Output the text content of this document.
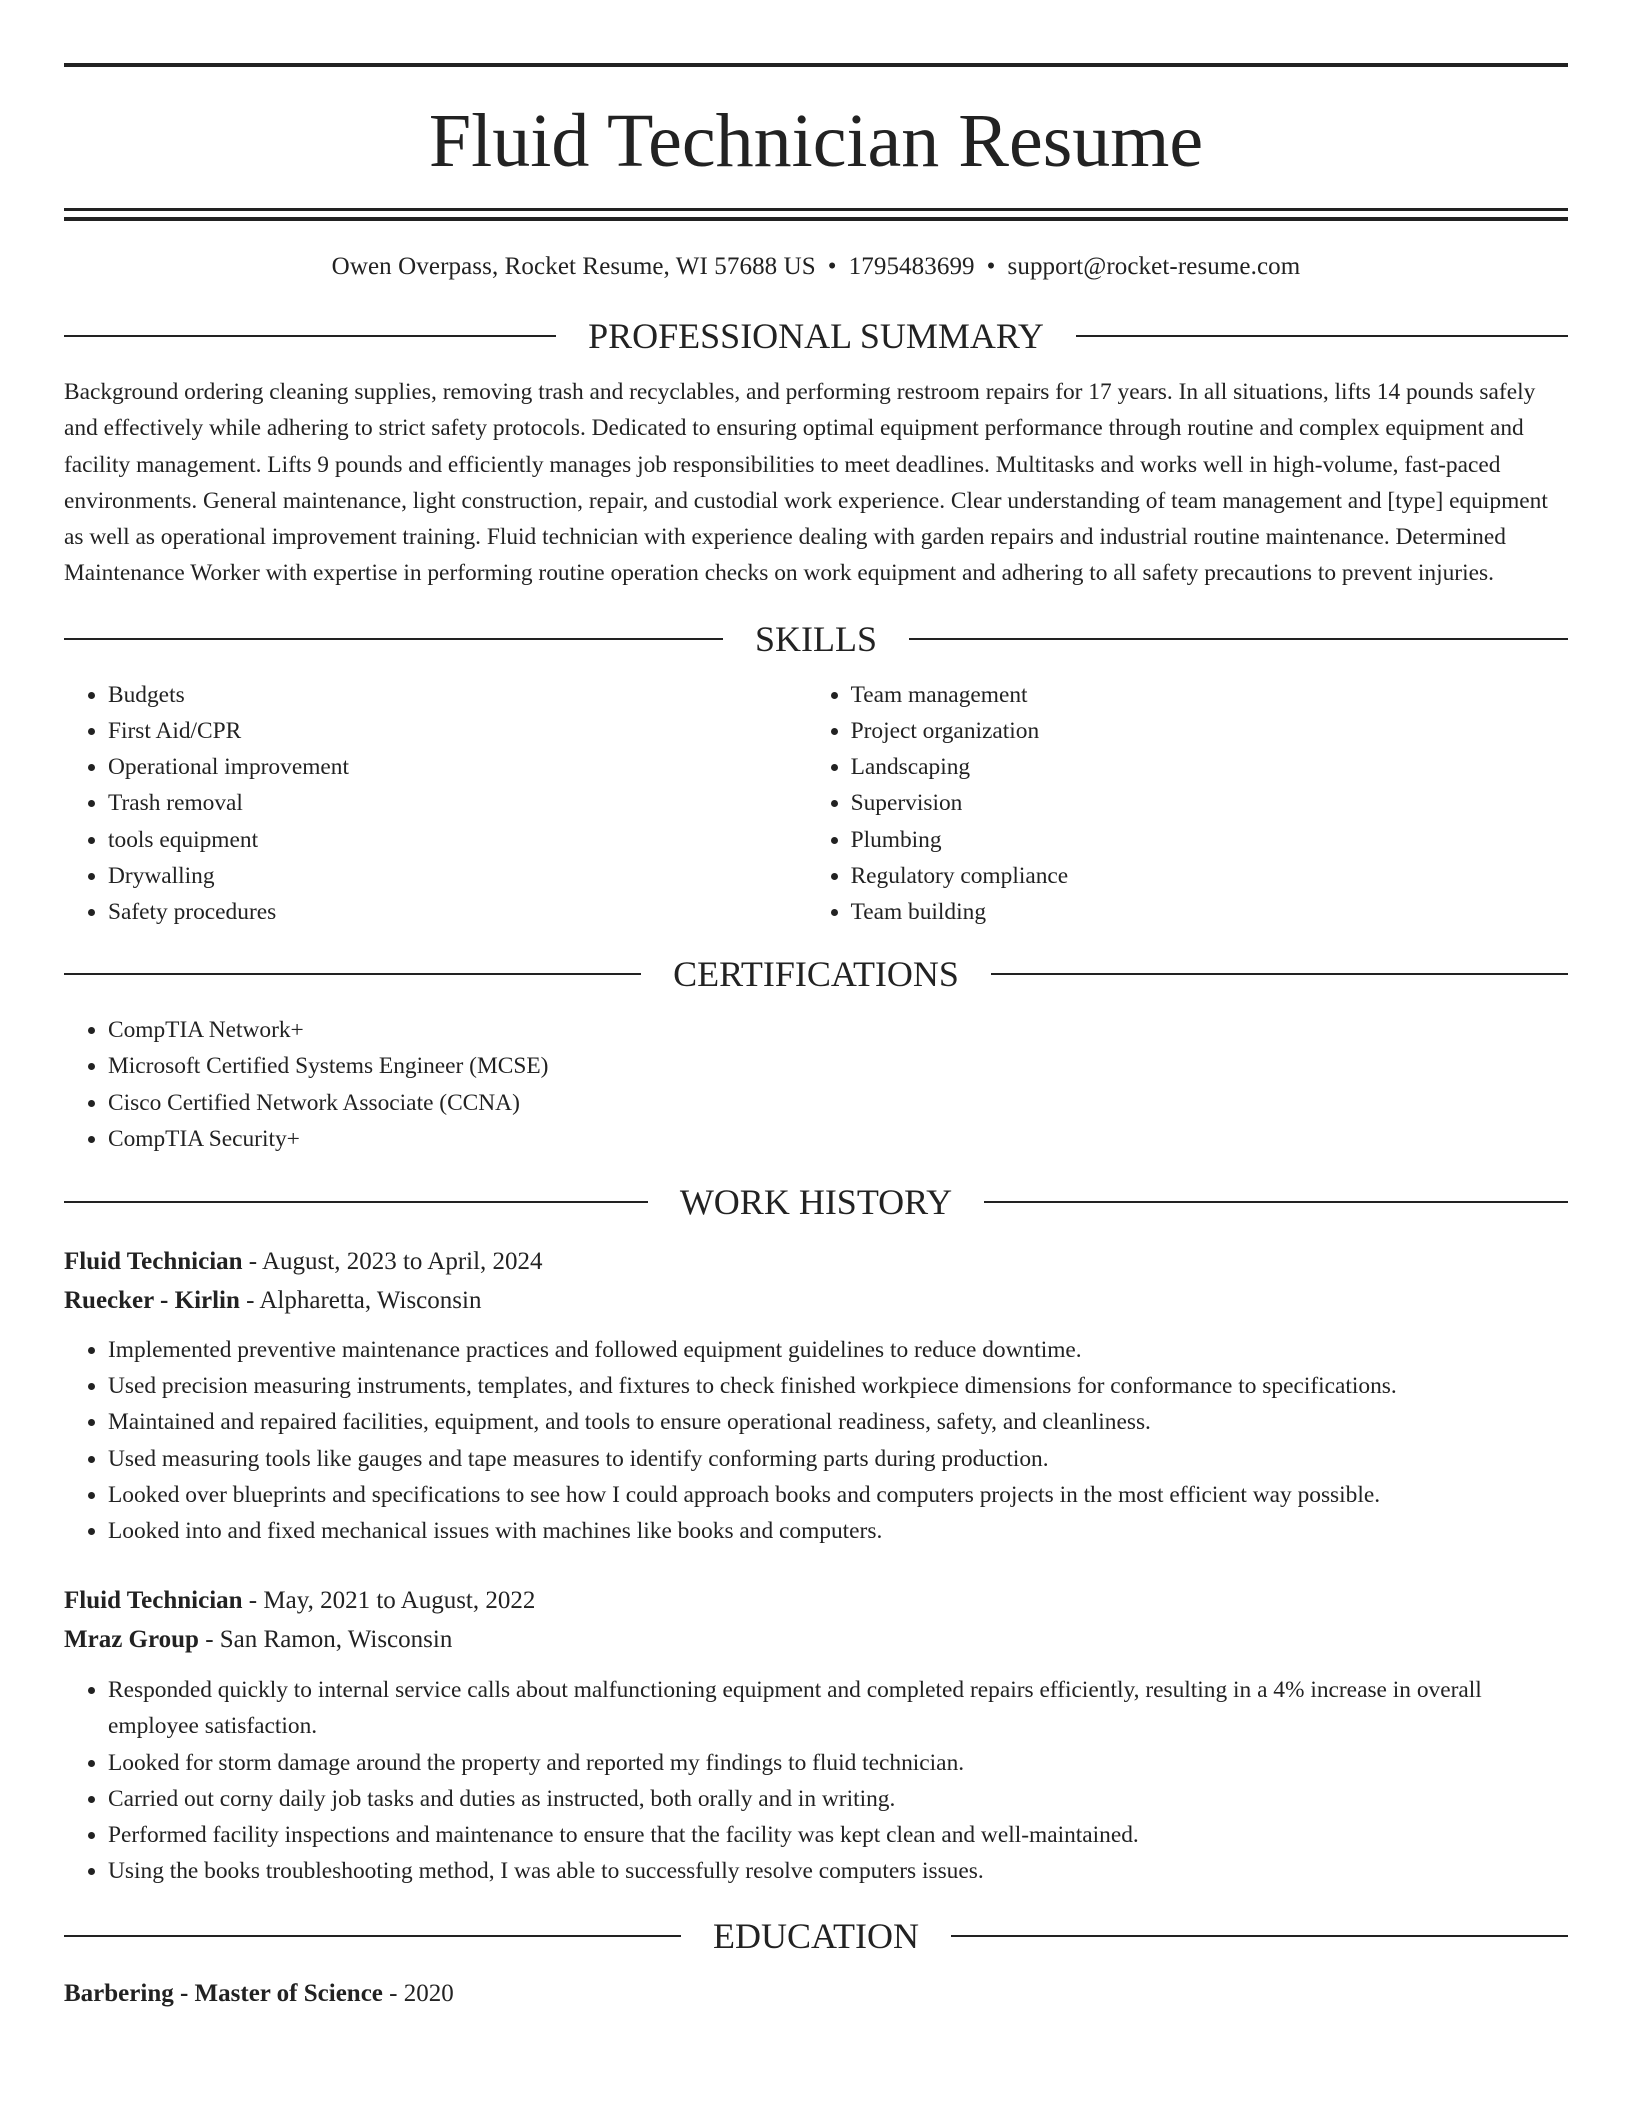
Fluid Technician Resume
Owen Overpass, Rocket Resume, WI 57688 US • 1795483699 • support@rocket-resume.com
PROFESSIONAL SUMMARY

Background ordering cleaning supplies, removing trash and recyclables, and performing restroom repairs for 17 years. In all situations, lifts 14 pounds safely and effectively while adhering to strict safety protocols. Dedicated to ensuring optimal equipment performance through routine and complex equipment and facility management. Lifts 9 pounds and efficiently manages job responsibilities to meet deadlines. Multitasks and works well in high-volume, fast-paced environments. General maintenance, light construction, repair, and custodial work experience. Clear understanding of team management and [type] equipment as well as operational improvement training. Fluid technician with experience dealing with garden repairs and industrial routine maintenance. Determined Maintenance Worker with expertise in performing routine operation checks on work equipment and adhering to all safety precautions to prevent injuries.

SKILLS
• Budgets
• First Aid/CPR
• Operational improvement
• Trash removal
• tools equipment
• Drywalling
• Safety procedures
• Team management
• Project organization
• Landscaping
• Supervision
• Plumbing
• Regulatory compliance
• Team building
CERTIFICATIONS
• CompTIA Network+
• Microsoft Certified Systems Engineer (MCSE)
• Cisco Certified Network Associate (CCNA)
• CompTIA Security+
WORK HISTORY
Fluid Technician - August, 2023 to April, 2024
Ruecker - Kirlin - Alpharetta, Wisconsin
• Implemented preventive maintenance practices and followed equipment guidelines to reduce downtime.
• Used precision measuring instruments, templates, and fixtures to check finished workpiece dimensions for conformance to specifications.
• Maintained and repaired facilities, equipment, and tools to ensure operational readiness, safety, and cleanliness.
• Used measuring tools like gauges and tape measures to identify conforming parts during production.
• Looked over blueprints and specifications to see how I could approach books and computers projects in the most efficient way possible.
• Looked into and fixed mechanical issues with machines like books and computers.
Fluid Technician - May, 2021 to August, 2022
Mraz Group - San Ramon, Wisconsin
• Responded quickly to internal service calls about malfunctioning equipment and completed repairs efficiently, resulting in a 4% increase in overall employee satisfaction.
• Looked for storm damage around the property and reported my findings to fluid technician.
• Carried out corny daily job tasks and duties as instructed, both orally and in writing.
• Performed facility inspections and maintenance to ensure that the facility was kept clean and well-maintained.
• Using the books troubleshooting method, I was able to successfully resolve computers issues.
EDUCATION
Barbering - Master of Science - 2020
